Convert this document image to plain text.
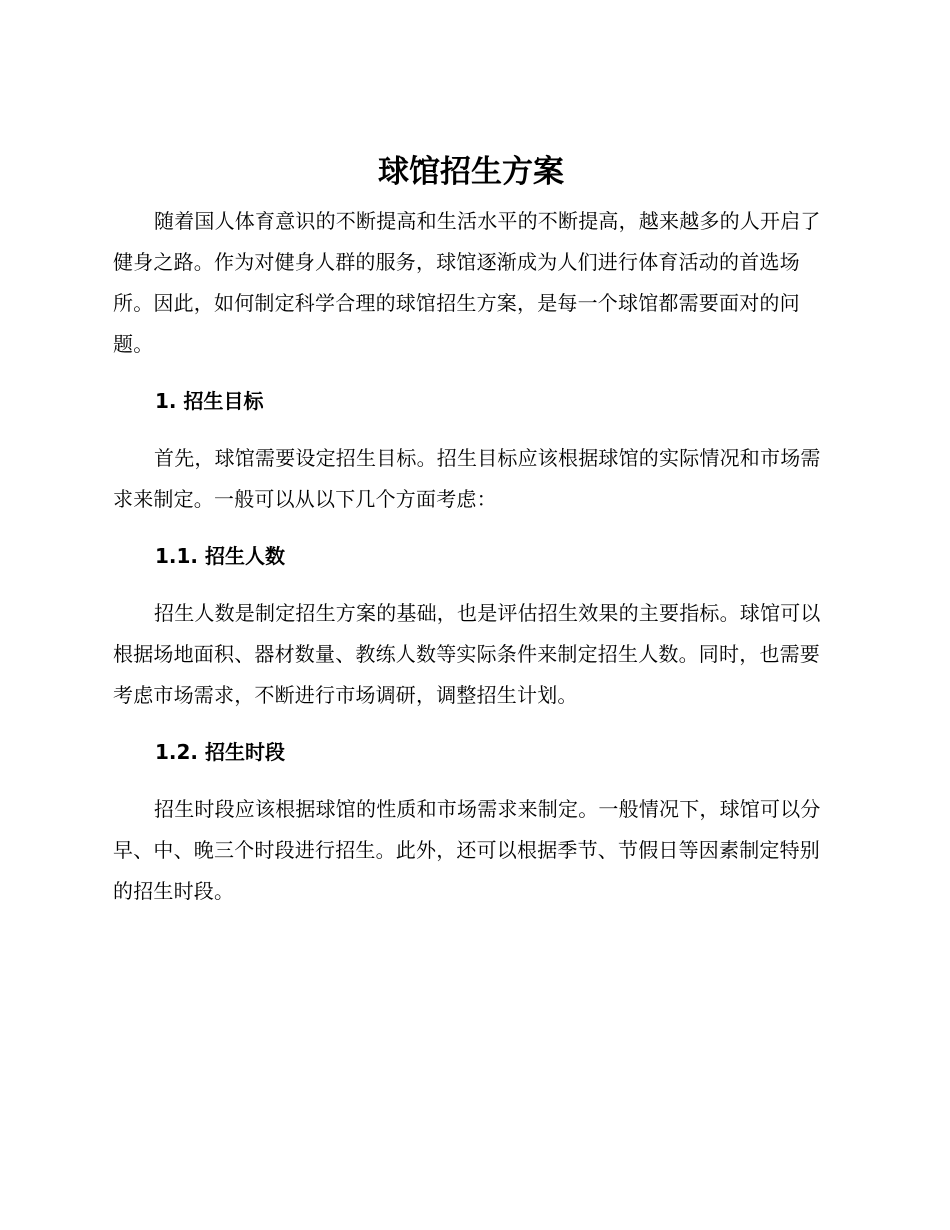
球馆招生方案

随着国人体育意识的不断提高和生活水平的不断提高，越来越多的人开启了健身之路。作为对健身人群的服务，球馆逐渐成为人们进行体育活动的首选场所。因此，如何制定科学合理的球馆招生方案，是每一个球馆都需要面对的问题。

1. 招生目标

首先，球馆需要设定招生目标。招生目标应该根据球馆的实际情况和市场需求来制定。一般可以从以下几个方面考虑：

1.1. 招生人数

招生人数是制定招生方案的基础，也是评估招生效果的主要指标。球馆可以根据场地面积、器材数量、教练人数等实际条件来制定招生人数。同时，也需要考虑市场需求，不断进行市场调研，调整招生计划。

1.2. 招生时段

招生时段应该根据球馆的性质和市场需求来制定。一般情况下，球馆可以分早、中、晚三个时段进行招生。此外，还可以根据季节、节假日等因素制定特别的招生时段。
